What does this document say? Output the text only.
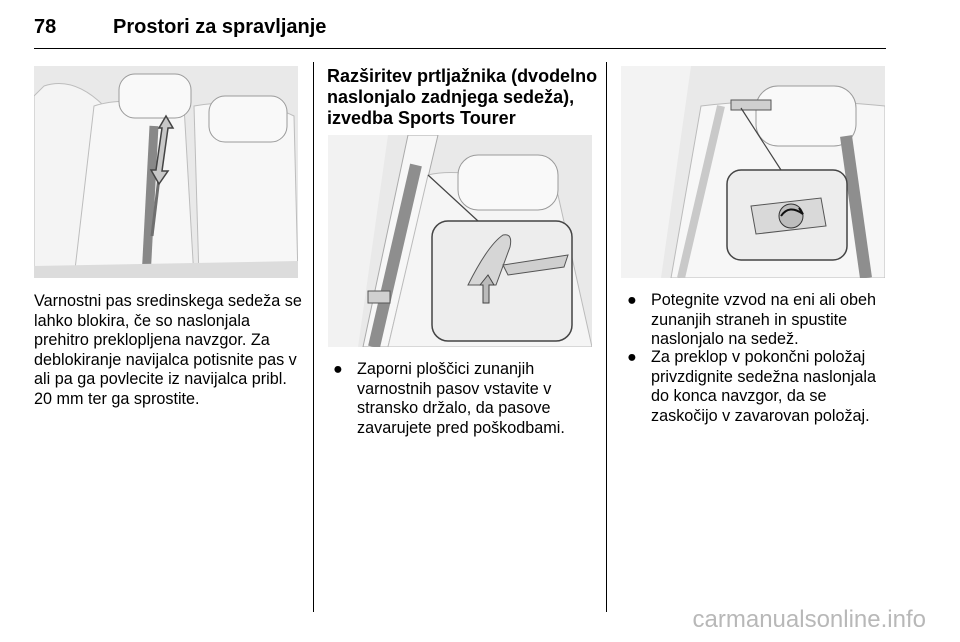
78	Prostori za spravljanje
Varnostni pas sredinskega sedeža se
lahko blokira, če so naslonjala
prehitro preklopljena navzgor. Za
deblokiranje navijalca potisnite pas v
ali pa ga povlecite iz navijalca pribl.
20 mm ter ga sprostite.
Razširitev prtljažnika (dvodelno
naslonjalo zadnjega sedeža),
izvedba Sports Tourer
● Zaporni ploščici zunanjih
varnostnih pasov vstavite v
stransko držalo, da pasove
zavarujete pred poškodbami.
● Potegnite vzvod na eni ali obeh
zunanjih straneh in spustite
naslonjalo na sedež.
● Za preklop v pokončni položaj
privzdignite sedežna naslonjala
do konca navzgor, da se
zaskočijo v zavarovan položaj.
carmanualsonline.info
